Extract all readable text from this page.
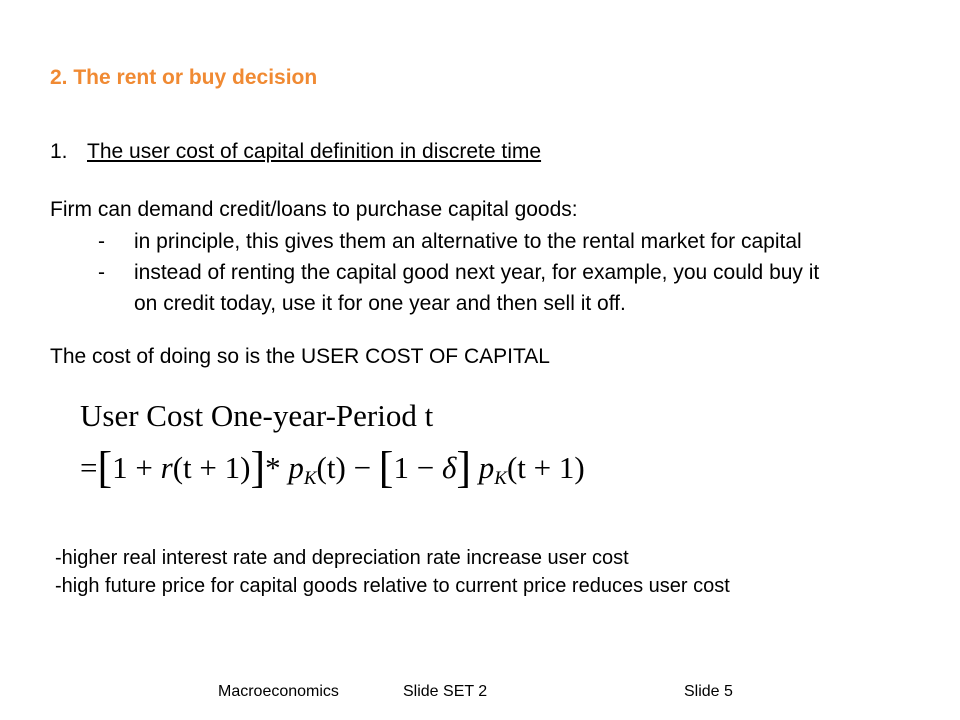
2. The rent or buy decision
1. The user cost of capital definition in discrete time
Firm can demand credit/loans to purchase capital goods:
- in principle, this gives them an alternative to the rental market for capital
- instead of renting the capital good next year, for example, you could buy it
on credit today, use it for one year and then sell it off.
The cost of doing so is the USER COST OF CAPITAL
User Cost One-year-Period t
=[1 + r(t + 1)]* $p_K(t) - [1 - \delta] p_K(t + 1)$
-higher real interest rate and depreciation rate increase user cost
-high future price for capital goods relative to current price reduces user cost
Macroeconomics	Slide SET 2	Slide 5
